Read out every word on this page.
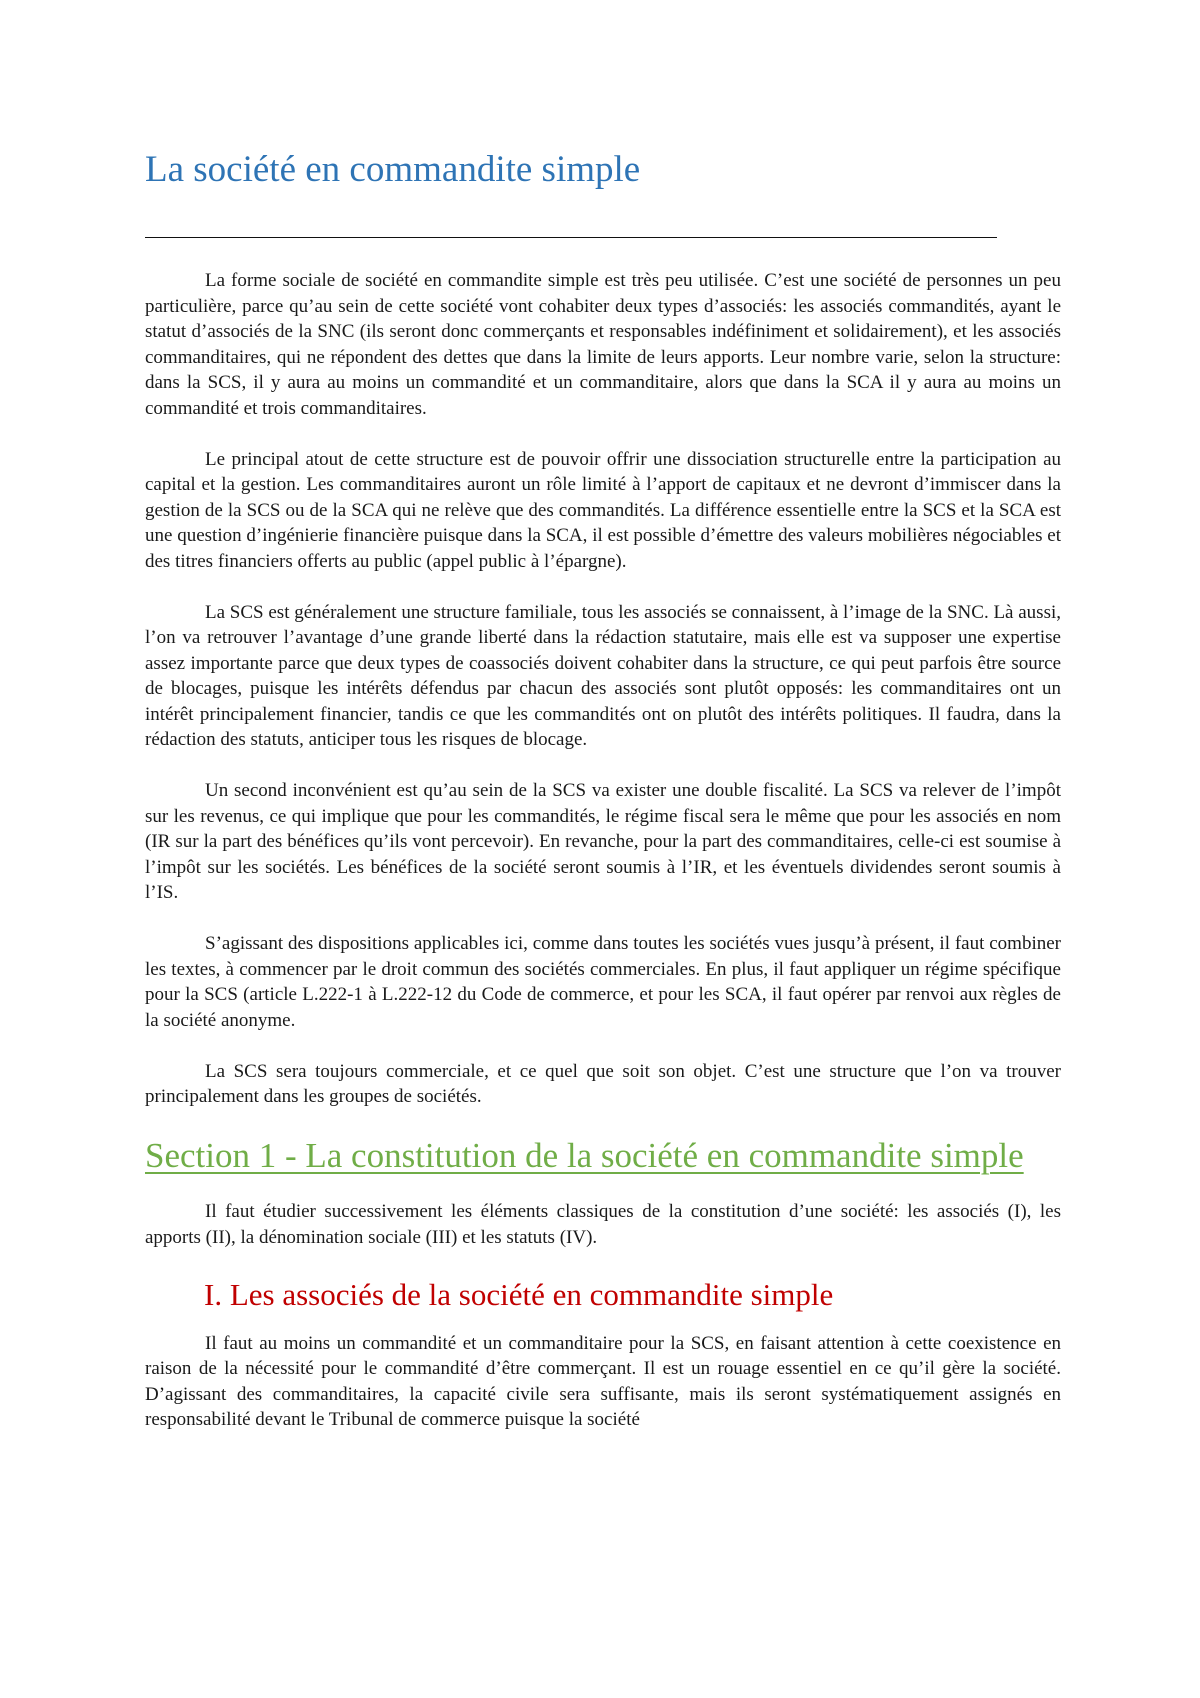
La société en commandite simple

La forme sociale de société en commandite simple est très peu utilisée. C’est une société de personnes un peu particulière, parce qu’au sein de cette société vont cohabiter deux types d’associés: les associés commandités, ayant le statut d’associés de la SNC (ils seront donc commerçants et responsables indéfiniment et solidairement), et les associés commanditaires, qui ne répondent des dettes que dans la limite de leurs apports. Leur nombre varie, selon la structure: dans la SCS, il y aura au moins un commandité et un commanditaire, alors que dans la SCA il y aura au moins un commandité et trois commanditaires.

Le principal atout de cette structure est de pouvoir offrir une dissociation structurelle entre la participation au capital et la gestion. Les commanditaires auront un rôle limité à l’apport de capitaux et ne devront d’immiscer dans la gestion de la SCS ou de la SCA qui ne relève que des commandités. La différence essentielle entre la SCS et la SCA est une question d’ingénierie financière puisque dans la SCA, il est possible d’émettre des valeurs mobilières négociables et des titres financiers offerts au public (appel public à l’épargne).

La SCS est généralement une structure familiale, tous les associés se connaissent, à l’image de la SNC. Là aussi, l’on va retrouver l’avantage d’une grande liberté dans la rédaction statutaire, mais elle est va supposer une expertise assez importante parce que deux types de coassociés doivent cohabiter dans la structure, ce qui peut parfois être source de blocages, puisque les intérêts défendus par chacun des associés sont plutôt opposés: les commanditaires ont un intérêt principalement financier, tandis ce que les commandités ont on plutôt des intérêts politiques. Il faudra, dans la rédaction des statuts, anticiper tous les risques de blocage.

Un second inconvénient est qu’au sein de la SCS va exister une double fiscalité. La SCS va relever de l’impôt sur les revenus, ce qui implique que pour les commandités, le régime fiscal sera le même que pour les associés en nom (IR sur la part des bénéfices qu’ils vont percevoir). En revanche, pour la part des commanditaires, celle-ci est soumise à l’impôt sur les sociétés. Les bénéfices de la société seront soumis à l’IR, et les éventuels dividendes seront soumis à l’IS.

S’agissant des dispositions applicables ici, comme dans toutes les sociétés vues jusqu’à présent, il faut combiner les textes, à commencer par le droit commun des sociétés commerciales. En plus, il faut appliquer un régime spécifique pour la SCS (article L.222-1 à L.222-12 du Code de commerce, et pour les SCA, il faut opérer par renvoi aux règles de la société anonyme.

La SCS sera toujours commerciale, et ce quel que soit son objet. C’est une structure que l’on va trouver principalement dans les groupes de sociétés.

Section 1 - La constitution de la société en commandite simple

Il faut étudier successivement les éléments classiques de la constitution d’une société: les associés (I), les apports (II), la dénomination sociale (III) et les statuts (IV).

I. Les associés de la société en commandite simple

Il faut au moins un commandité et un commanditaire pour la SCS, en faisant attention à cette coexistence en raison de la nécessité pour le commandité d’être commerçant. Il est un rouage essentiel en ce qu’il gère la société. D’agissant des commanditaires, la capacité civile sera suffisante, mais ils seront systématiquement assignés en responsabilité devant le Tribunal de commerce puisque la société
